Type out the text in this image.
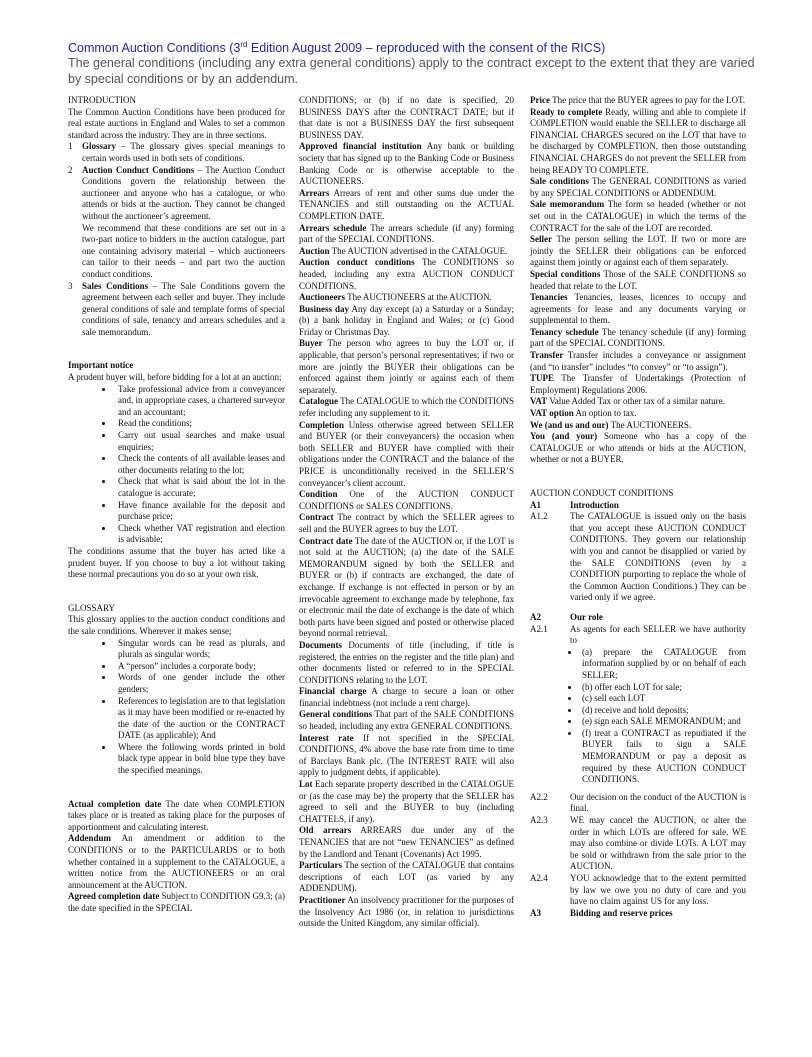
Common Auction Conditions (3rd Edition August 2009 – reproduced with the consent of the RICS)
The general conditions (including any extra general conditions) apply to the contract except to the extent that they are varied by special conditions or by an addendum.

INTRODUCTION

The Common Auction Conditions have been produced for real estate auctions in England and Wales to set a common standard across the industry. They are in three sections.

1	Glossary – The glossary gives special meanings to certain words used in both sets of conditions.
2	Auction Conduct Conditions – The Auction Conduct Conditions govern the relationship between the auctioneer and anyone who has a catalogue, or who attends or bids at the auction. They cannot be changed without the auctioneer’s agreement.

We recommend that these conditions are set out in a two-part notice to bidders in the auction catalogue, part one containing advisory material – which auctioneers can tailor to their needs – and part two the auction conduct conditions.

3	Sales Conditions – The Sale Conditions govern the agreement between each seller and buyer. They include general conditions of sale and template forms of special conditions of sale, tenancy and arrears schedules and a sale memorandum.

Important notice

A prudent buyer will, before bidding for a lot at an auction;

• Take professional advice from a conveyancer and, in appropriate cases, a chartered surveyor and an accountant;
• Read the conditions;
• Carry out usual searches and make usual enquiries;
• Check the contents of all available leases and other documents relating to the lot;
• Check that what is said about the lot in the catalogue is accurate;
• Have finance available for the deposit and purchase price;
• Check whether VAT registration and election is advisable;

The conditions assume that the buyer has acted like a prudent buyer. If you choose to buy a lot without taking these normal precautions you do so at your own risk.

GLOSSARY

This glossary applies to the auction conduct conditions and the sale conditions. Wherever it makes sense;

• Singular words can be read as plurals, and plurals as singular words;
• A “person” includes a corporate body;
• Words of one gender include the other genders;
• References to legislation are to that legislation as it may have been modified or re-enacted by the date of the auction or the CONTRACT DATE (as applicable); And
• Where the following words printed in bold black type appear in bold blue type they have the specified meanings.

Actual completion date The date when COMPLETION takes place or is treated as taking place for the purposes of apportionment and calculating interest.

Addendum An amendment or addition to the CONDITIONS or to the PARTICULARDS or to both whether contained in a supplement to the CATALOGUE, a written notice from the AUCTIONEERS or an oral announcement at the AUCTION.

Agreed completion date Subject to CONDITION G9.3; (a) the date specified in the SPECIAL

CONDITIONS; or (b) if no date is specified, 20 BUSINESS DAYS after the CONTRACT DATE; but if that date is not a BUSINESS DAY the first subsequent BUSINESS DAY.

Approved financial institution Any bank or building society that has signed up to the Banking Code or Business Banking Code or is otherwise acceptable to the AUCTIONEERS.

Arrears Arrears of rent and other sums due under the TENANCIES and still outstanding on the ACTUAL COMPLETION DATE.

Arrears schedule The arrears schedule (if any) forming part of the SPECIAL CONDITIONS.

Auction The AUCTION advertised in the CATALOGUE.

Auction conduct conditions The CONDITIONS so headed, including any extra AUCTION CONDUCT CONDITIONS.

Auctioneers The AUCTIONEERS at the AUCTION.

Business day Any day except (a) a Saturday or a Sunday; (b) a bank holiday in England and Wales; or (c) Good Friday or Christmas Day.

Buyer The person who agrees to buy the LOT or, if applicable, that person’s personal representatives; if two or more are jointly the BUYER their obligations can be enforced against them jointly or against each of them separately.

Catalogue The CATALOGUE to which the CONDITIONS refer including any supplement to it.

Completion Unless otherwise agreed between SELLER and BUYER (or their conveyancers) the occasion when both SELLER and BUYER have complied with their obligations under the CONTRACT and the balance of the PRICE is unconditionally received in the SELLER’S conveyancer’s client account.

Condition One of the AUCTION CONDUCT CONDITIONS or SALES CONDITIONS.

Contract The contract by which the SELLER agrees to sell and the BUYER agrees to buy the LOT.

Contract date The date of the AUCTION or, if the LOT is not sold at the AUCTION; (a) the date of the SALE MEMORANDUM signed by both the SELLER and BUYER or (b) if contracts are exchanged, the date of exchange. If exchange is not effected in person or by an irrevocable agreement to exchange made by telephone, fax or electronic mail the date of exchange is the date of which both parts have been signed and posted or otherwise placed beyond normal retrieval.

Documents Documents of title (including, if title is registered, the entries on the register and the title plan) and other documents listed or referred to in the SPECIAL CONDITIONS relating to the LOT.

Financial charge A charge to secure a loan or other financial indebtness (not include a rent charge).

General conditions That part of the SALE CONDITIONS so headed, including any extra GENERAL CONDITIONS.

Interest rate If not specified in the SPECIAL CONDITIONS, 4% above the base rate from time to time of Barclays Bank plc. (The INTEREST RATE will also apply to judgment debts, if applicable).

Lot Each separate property described in the CATALOGUE or (as the case may be) the property that the SELLER has agreed to sell and the BUYER to buy (including CHATTELS, if any).

Old arrears ARREARS due under any of the TENANCIES that are not “new TENANCIES” as defined by the Landlord and Tenant (Covenants) Act 1995.

Particulars The section of the CATALOGUE that contains descriptions of each LOT (as varied by any ADDENDUM).

Practitioner An insolvency practitioner for the purposes of the Insolvency Act 1986 (or, in relation to jurisdictions outside the United Kingdom, any similar official).

Price The price that the BUYER agrees to pay for the LOT.

Ready to complete Ready, willing and able to complete if COMPLETION would enable the SELLER to discharge all FINANCIAL CHARGES secured on the LOT that have to be discharged by COMPLETION, then those outstanding FINANCIAL CHARGES do not prevent the SELLER from being READY TO COMPLETE.

Sale conditions The GENERAL CONDITIONS as varied by any SPECIAL CONDITIONS or ADDENDUM.

Sale memorandum The form so headed (whether or not set out in the CATALOGUE) in which the terms of the CONTRACT for the sale of the LOT are recorded.

Seller The person selling the LOT. If two or more are jointly the SELLER their obligations can be enforced against them jointly or against each of them separately.

Special conditions Those of the SALE CONDITIONS so headed that relate to the LOT.

Tenancies Tenancies, leases, licences to occupy and agreements for lease and any documents varying or supplemental to them.

Tenancy schedule The tenancy schedule (if any) forming part of the SPECIAL CONDITIONS.

Transfer Transfer includes a conveyance or assignment (and “to transfer” includes “to convey” or “to assign”).

TUPE The Transfer of Undertakings (Protection of Employment) Regulations 2006.

VAT Value Added Tax or other tax of a similar nature.

VAT option An option to tax.

We (and us and our) The AUCTIONEERS.

You (and your) Someone who has a copy of the CATALOGUE or who attends or bids at the AUCTION, whether or not a BUYER.

AUCTION CONDUCT CONDITIONS

A1	Introduction
A1.2	The CATALOGUE is issued only on the basis that you accept these AUCTION CONDUCT CONDITIONS. They govern our relationship with you and cannot be disapplied or varied by the SALE CONDITIONS (even by a CONDITION purporting to replace the whole of the Common Auction Conditions.) They can be varied only if we agree.
A2	Our role
A2.1	As agents for each SELLER we have authority to
• (a) prepare the CATALOGUE from information supplied by or on behalf of each SELLER;
• (b) offer each LOT for sale;
• (c) sell each LOT
• (d) receive and hold deposits;
• (e) sign each SALE MEMORANDUM; and
• (f) treat a CONTRACT as repudiated if the BUYER fails to sign a SALE MEMORANDUM or pay a deposit as required by these AUCTION CONDUCT CONDITIONS.
A2.2	Our decision on the conduct of the AUCTION is final.
A2.3	WE may cancel the AUCTION, or alter the order in which LOTs are offered for sale. WE may also combine or divide LOTs. A LOT may be sold or withdrawn from the sale prior to the AUCTION.
A2.4	YOU acknowledge that to the extent permitted by law we owe you no duty of care and you have no claim against US for any loss.
A3	Bidding and reserve prices
